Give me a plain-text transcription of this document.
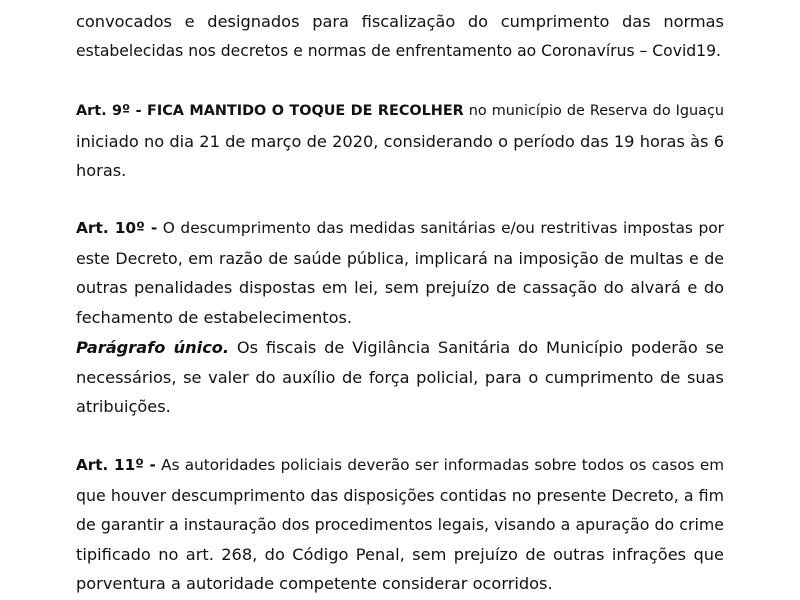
convocados e designados para fiscalização do cumprimento das normas
estabelecidas nos decretos e normas de enfrentamento ao Coronavírus – Covid19.
Art. 9º - FICA MANTIDO O TOQUE DE RECOLHER no município de Reserva do Iguaçu
iniciado no dia 21 de março de 2020, considerando o período das 19 horas às 6
horas.
Art. 10º - O descumprimento das medidas sanitárias e/ou restritivas impostas por
este Decreto, em razão de saúde pública, implicará na imposição de multas e de
outras penalidades dispostas em lei, sem prejuízo de cassação do alvará e do
fechamento de estabelecimentos.
Parágrafo único. Os fiscais de Vigilância Sanitária do Município poderão se
necessários, se valer do auxílio de força policial, para o cumprimento de suas
atribuições.
Art. 11º - As autoridades policiais deverão ser informadas sobre todos os casos em
que houver descumprimento das disposições contidas no presente Decreto, a fim
de garantir a instauração dos procedimentos legais, visando a apuração do crime
tipificado no art. 268, do Código Penal, sem prejuízo de outras infrações que
porventura a autoridade competente considerar ocorridos.
